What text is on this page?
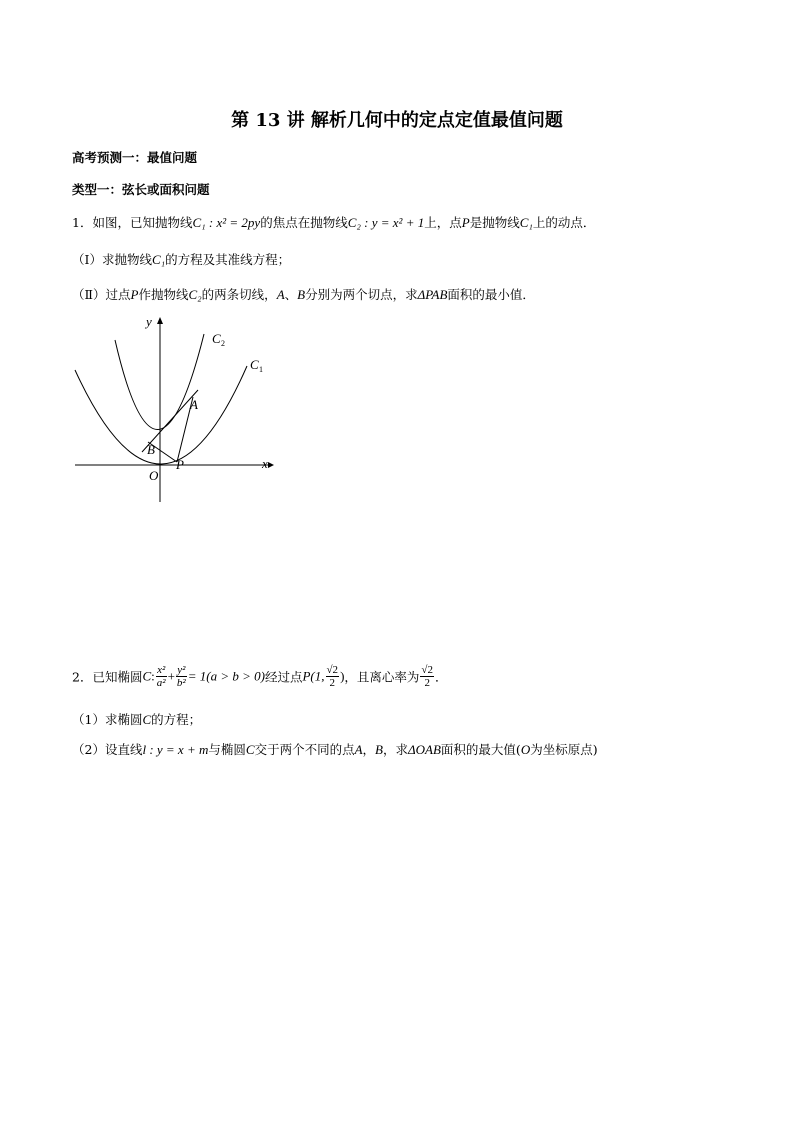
第 13 讲 解析几何中的定点定值最值问题
高考预测一：最值问题
类型一：弦长或面积问题
1．如图，已知抛物线C₁ : x² = 2py的焦点在抛物线C₂ : y = x² + 1上，点P是抛物线C₁上的动点．
（Ⅰ）求抛物线C₁的方程及其准线方程；
（Ⅱ）过点P作抛物线C₂的两条切线，A、B分别为两个切点，求ΔPAB面积的最小值．
y
x
O
C 2
C 1
A
B
P
2．已知椭圆C: $\frac{\text{x²}}{\text{a²}} + \frac{\text{y²}}{\text{b²}} = 1(a > b > 0)$经过点P(1, $\frac{√2}{2}$ )，且离心率为 $\frac{√2}{2}$ ．
（1）求椭圆C的方程；
（2）设直线l : y = x + m与椭圆C交于两个不同的点A，B，求ΔOAB面积的最大值(O为坐标原点)
